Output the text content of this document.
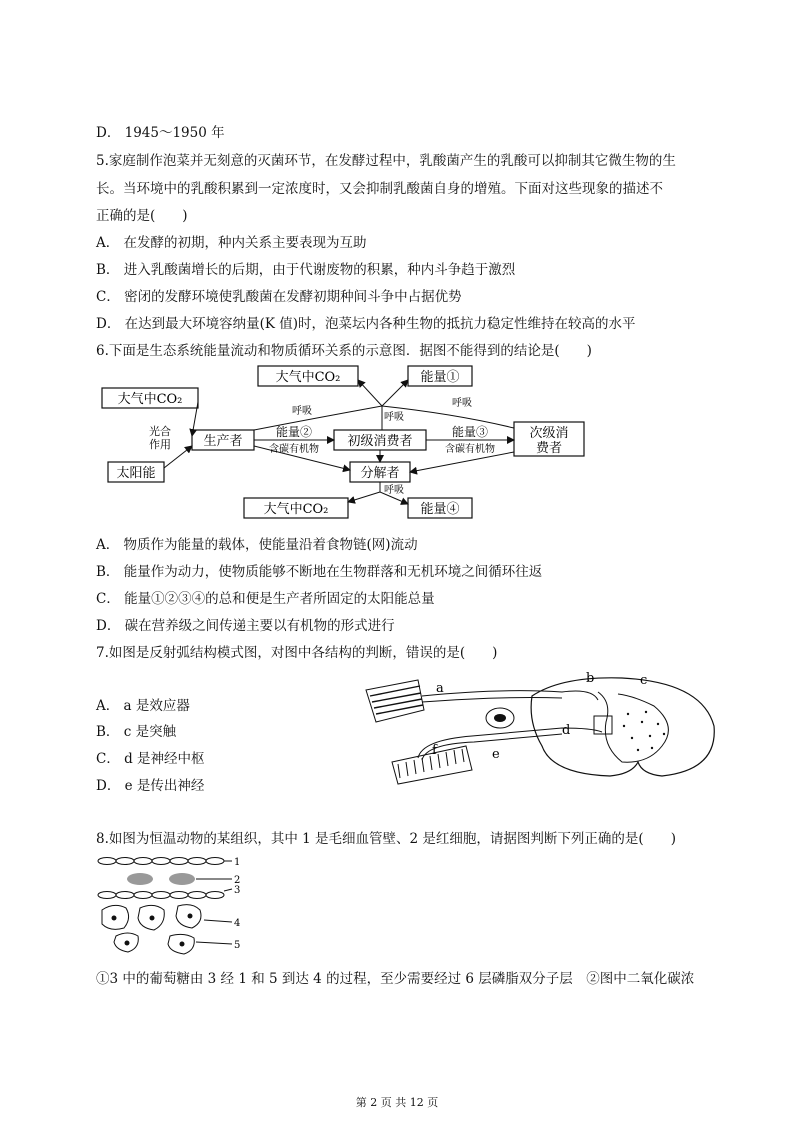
D． 1945～1950 年
5.家庭制作泡菜并无刻意的灭菌环节，在发酵过程中，乳酸菌产生的乳酸可以抑制其它微生物的生
长。当环境中的乳酸积累到一定浓度时，又会抑制乳酸菌自身的增殖。下面对这些现象的描述不
正确的是(　　)
A． 在发酵的初期，种内关系主要表现为互助
B． 进入乳酸菌增长的后期，由于代谢废物的积累，种内斗争趋于激烈
C． 密闭的发酵环境使乳酸菌在发酵初期种间斗争中占据优势
D． 在达到最大环境容纳量(K 值)时，泡菜坛内各种生物的抵抗力稳定性维持在较高的水平
6.下面是生态系统能量流动和物质循环关系的示意图．据图不能得到的结论是(　　)
大气中CO₂
太阳能
光合
作用 生产者
大气中CO₂	能量①
初级消费者
次级消
费者
分解者
大气中CO₂	能量④
呼吸
呼吸
呼吸
呼吸
能量②
含碳有机物
能量③
含碳有机物
A． 物质作为能量的载体，使能量沿着食物链(网)流动
B． 能量作为动力，使物质能够不断地在生物群落和无机环境之间循环往返
C． 能量①②③④的总和便是生产者所固定的太阳能总量
D． 碳在营养级之间传递主要以有机物的形式进行
7.如图是反射弧结构模式图，对图中各结构的判断，错误的是(　　)
A． a 是效应器
B． c 是突触
C． d 是神经中枢
D． e 是传出神经
a
b	c
d
e
f
8.如图为恒温动物的某组织，其中 1 是毛细血管壁、2 是红细胞，请据图判断下列正确的是(　　)
1
2
3
4
5
①3 中的葡萄糖由 3 经 1 和 5 到达 4 的过程，至少需要经过 6 层磷脂双分子层　②图中二氧化碳浓
第 2 页 共 12 页
